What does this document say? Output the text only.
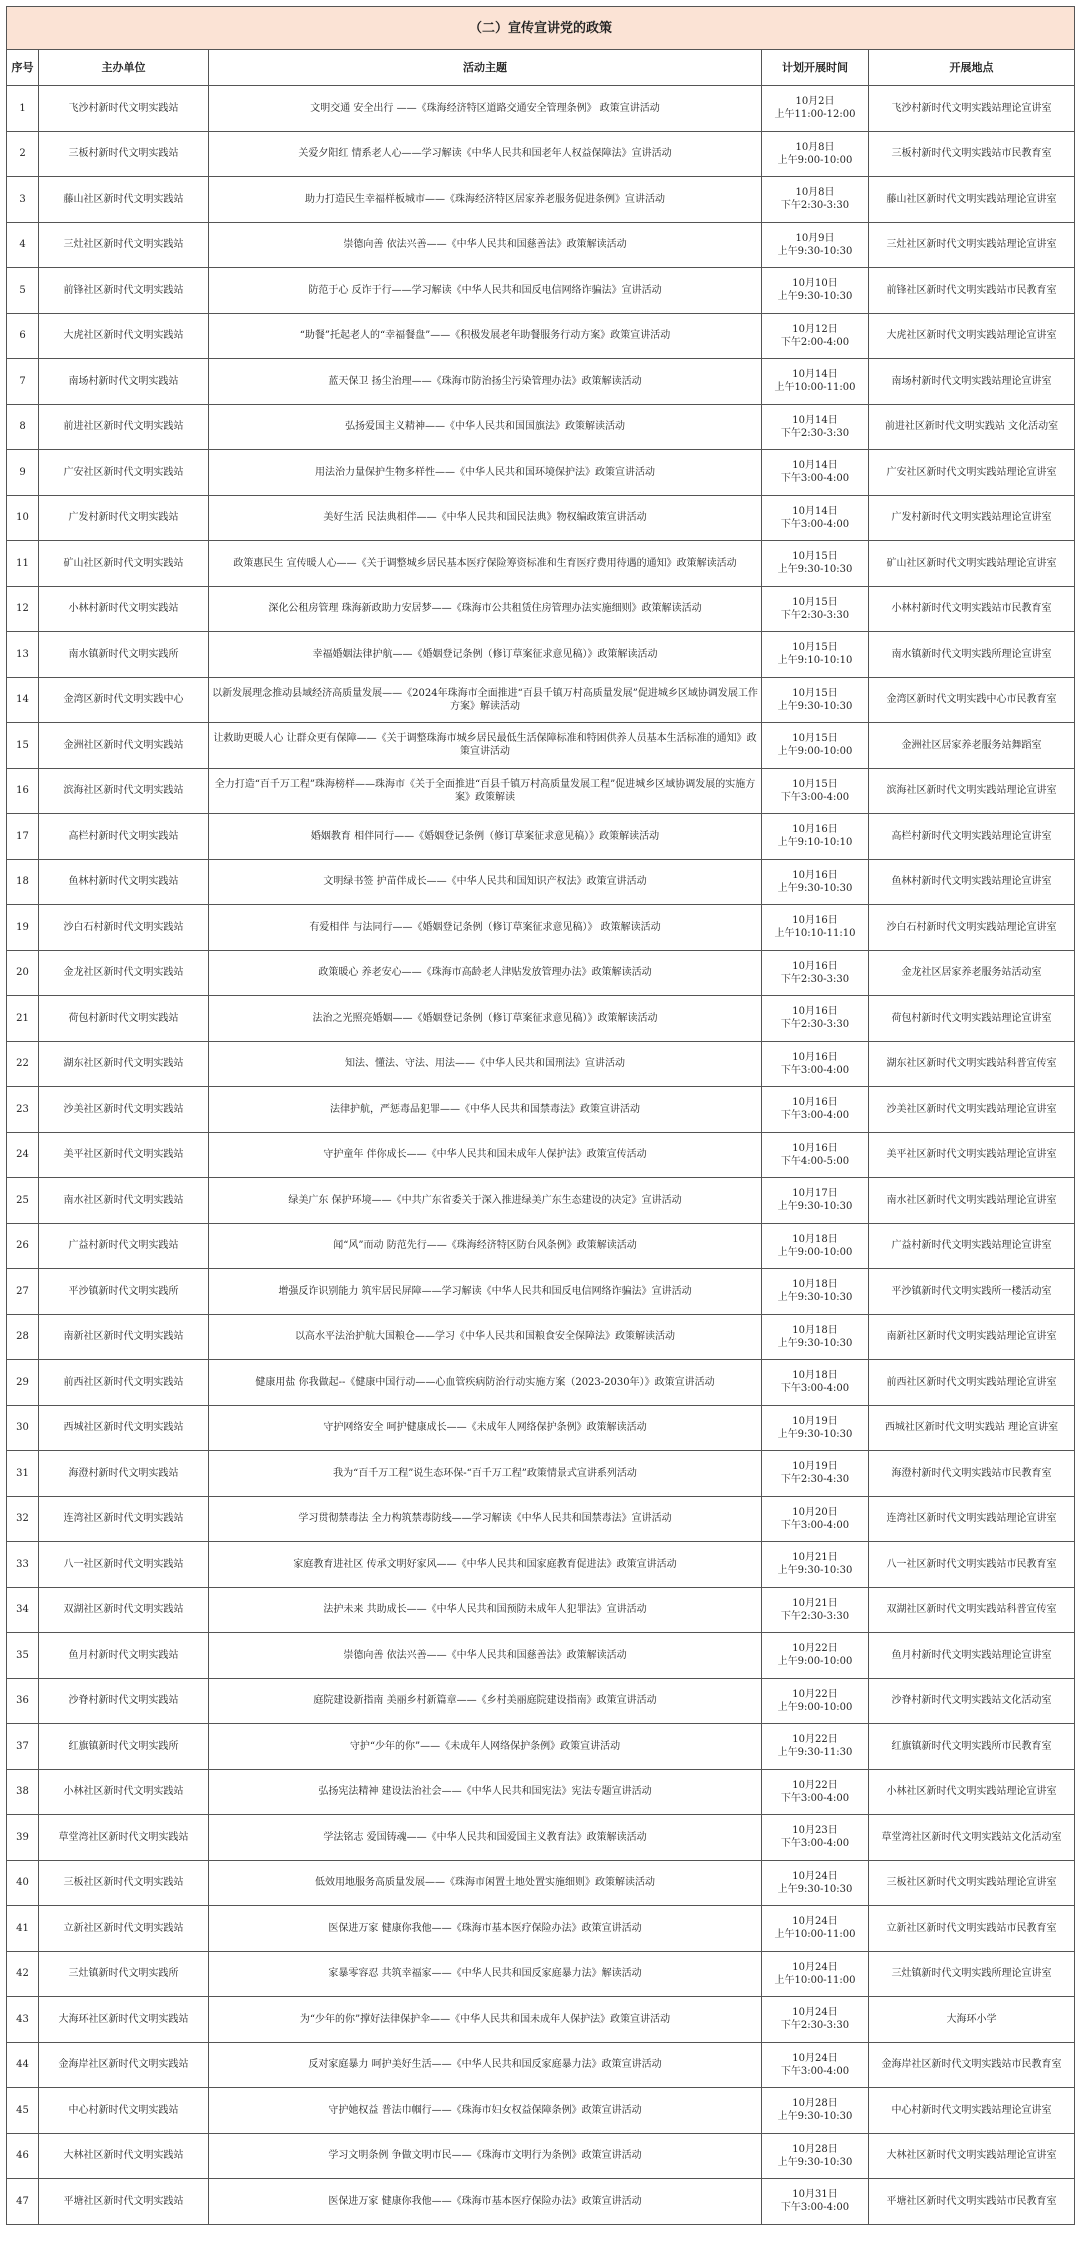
（二）宣传宣讲党的政策				
序号	主办单位	活动主题	计划开展时间	开展地点
1	飞沙村新时代文明实践站	文明交通 安全出行 ——《珠海经济特区道路交通安全管理条例》 政策宣讲活动	10月2日
上午11:00-12:00	飞沙村新时代文明实践站理论宣讲室
2	三板村新时代文明实践站	关爱夕阳红 情系老人心——学习解读《中华人民共和国老年人权益保障法》宣讲活动	10月8日
上午9:00-10:00	三板村新时代文明实践站市民教育室
3	藤山社区新时代文明实践站	助力打造民生幸福样板城市——《珠海经济特区居家养老服务促进条例》宣讲活动	10月8日
下午2:30-3:30	藤山社区新时代文明实践站理论宣讲室
4	三灶社区新时代文明实践站	崇德向善 依法兴善——《中华人民共和国慈善法》政策解读活动	10月9日
上午9:30-10:30	三灶社区新时代文明实践站理论宣讲室
5	前锋社区新时代文明实践站	防范于心 反诈于行——学习解读《中华人民共和国反电信网络诈骗法》宣讲活动	10月10日
上午9:30-10:30	前锋社区新时代文明实践站市民教育室
6	大虎社区新时代文明实践站	“助餐”托起老人的“幸福餐盘”——《积极发展老年助餐服务行动方案》政策宣讲活动	10月12日
下午2:00-4:00	大虎社区新时代文明实践站理论宣讲室
7	南场村新时代文明实践站	蓝天保卫 扬尘治理——《珠海市防治扬尘污染管理办法》政策解读活动	10月14日
上午10:00-11:00	南场村新时代文明实践站理论宣讲室
8	前进社区新时代文明实践站	弘扬爱国主义精神——《中华人民共和国国旗法》政策解读活动	10月14日
下午2:30-3:30	前进社区新时代文明实践站 文化活动室
9	广安社区新时代文明实践站	用法治力量保护生物多样性——《中华人民共和国环境保护法》政策宣讲活动	10月14日
下午3:00-4:00	广安社区新时代文明实践站理论宣讲室
10	广发村新时代文明实践站	美好生活 民法典相伴——《中华人民共和国民法典》物权编政策宣讲活动	10月14日
下午3:00-4:00	广发村新时代文明实践站理论宣讲室
11	矿山社区新时代文明实践站	政策惠民生 宣传暖人心——《关于调整城乡居民基本医疗保险筹资标准和生育医疗费用待遇的通知》政策解读活动	10月15日
上午9:30-10:30	矿山社区新时代文明实践站理论宣讲室
12	小林村新时代文明实践站	深化公租房管理 珠海新政助力安居梦——《珠海市公共租赁住房管理办法实施细则》政策解读活动	10月15日
下午2:30-3:30	小林村新时代文明实践站市民教育室
13	南水镇新时代文明实践所	幸福婚姻法律护航——《婚姻登记条例（修订草案征求意见稿）》政策解读活动	10月15日
上午9:10-10:10	南水镇新时代文明实践所理论宣讲室
14	金湾区新时代文明实践中心	以新发展理念推动县域经济高质量发展——《2024年珠海市全面推进“百县千镇万村高质量发展”促进城乡区域协调发展工作方案》解读活动	10月15日
上午9:30-10:30	金湾区新时代文明实践中心市民教育室
15	金洲社区新时代文明实践站	让救助更暖人心 让群众更有保障——《关于调整珠海市城乡居民最低生活保障标准和特困供养人员基本生活标准的通知》政策宣讲活动	10月15日
上午9:00-10:00	金洲社区居家养老服务站舞蹈室
16	滨海社区新时代文明实践站	全力打造“百千万工程”珠海榜样——珠海市《关于全面推进“百县千镇万村高质量发展工程”促进城乡区域协调发展的实施方案》政策解读	10月15日
下午3:00-4:00	滨海社区新时代文明实践站理论宣讲室
17	高栏村新时代文明实践站	婚姻教育 相伴同行——《婚姻登记条例（修订草案征求意见稿）》政策解读活动	10月16日
上午9:10-10:10	高栏村新时代文明实践站理论宣讲室
18	鱼林村新时代文明实践站	文明绿书签 护苗伴成长——《中华人民共和国知识产权法》政策宣讲活动	10月16日
上午9:30-10:30	鱼林村新时代文明实践站理论宣讲室
19	沙白石村新时代文明实践站	有爱相伴 与法同行——《婚姻登记条例（修订草案征求意见稿）》 政策解读活动	10月16日
上午10:10-11:10	沙白石村新时代文明实践站理论宣讲室
20	金龙社区新时代文明实践站	政策暖心 养老安心——《珠海市高龄老人津贴发放管理办法》政策解读活动	10月16日
下午2:30-3:30	金龙社区居家养老服务站活动室
21	荷包村新时代文明实践站	法治之光照亮婚姻——《婚姻登记条例（修订草案征求意见稿）》政策解读活动	10月16日
下午2:30-3:30	荷包村新时代文明实践站理论宣讲室
22	湖东社区新时代文明实践站	知法、懂法、守法、用法——《中华人民共和国刑法》宣讲活动	10月16日
下午3:00-4:00	湖东社区新时代文明实践站科普宣传室
23	沙美社区新时代文明实践站	法律护航，严惩毒品犯罪——《中华人民共和国禁毒法》政策宣讲活动	10月16日
下午3:00-4:00	沙美社区新时代文明实践站理论宣讲室
24	美平社区新时代文明实践站	守护童年 伴你成长——《中华人民共和国未成年人保护法》政策宣传活动	10月16日
下午4:00-5:00	美平社区新时代文明实践站理论宣讲室
25	南水社区新时代文明实践站	绿美广东 保护环境——《中共广东省委关于深入推进绿美广东生态建设的决定》宣讲活动	10月17日
上午9:30-10:30	南水社区新时代文明实践站理论宣讲室
26	广益村新时代文明实践站	闻“风”而动 防范先行——《珠海经济特区防台风条例》政策解读活动	10月18日
上午9:00-10:00	广益村新时代文明实践站理论宣讲室
27	平沙镇新时代文明实践所	增强反诈识别能力 筑牢居民屏障——学习解读《中华人民共和国反电信网络诈骗法》宣讲活动	10月18日
上午9:30-10:30	平沙镇新时代文明实践所一楼活动室
28	南新社区新时代文明实践站	以高水平法治护航大国粮仓——学习《中华人民共和国粮食安全保障法》政策解读活动	10月18日
上午9:30-10:30	南新社区新时代文明实践站理论宣讲室
29	前西社区新时代文明实践站	健康用盐 你我做起--《健康中国行动——心血管疾病防治行动实施方案（2023-2030年）》政策宣讲活动	10月18日
下午3:00-4:00	前西社区新时代文明实践站理论宣讲室
30	西城社区新时代文明实践站	守护网络安全 呵护健康成长——《未成年人网络保护条例》政策解读活动	10月19日
上午9:30-10:30	西城社区新时代文明实践站 理论宣讲室
31	海澄村新时代文明实践站	我为“百千万工程”说生态环保-“百千万工程”政策情景式宣讲系列活动	10月19日
下午2:30-4:30	海澄村新时代文明实践站市民教育室
32	连湾社区新时代文明实践站	学习贯彻禁毒法 全力构筑禁毒防线——学习解读《中华人民共和国禁毒法》宣讲活动	10月20日
下午3:00-4:00	连湾社区新时代文明实践站理论宣讲室
33	八一社区新时代文明实践站	家庭教育进社区 传承文明好家风——《中华人民共和国家庭教育促进法》政策宣讲活动	10月21日
上午9:30-10:30	八一社区新时代文明实践站市民教育室
34	双湖社区新时代文明实践站	法护未来 共助成长——《中华人民共和国预防未成年人犯罪法》宣讲活动	10月21日
下午2:30-3:30	双湖社区新时代文明实践站科普宣传室
35	鱼月村新时代文明实践站	崇德向善 依法兴善——《中华人民共和国慈善法》政策解读活动	10月22日
上午9:00-10:00	鱼月村新时代文明实践站理论宣讲室
36	沙脊村新时代文明实践站	庭院建设新指南 美丽乡村新篇章——《乡村美丽庭院建设指南》政策宣讲活动	10月22日
上午9:00-10:00	沙脊村新时代文明实践站文化活动室
37	红旗镇新时代文明实践所	守护“少年的你”——《未成年人网络保护条例》政策宣讲活动	10月22日
上午9:30-11:30	红旗镇新时代文明实践所市民教育室
38	小林社区新时代文明实践站	弘扬宪法精神 建设法治社会——《中华人民共和国宪法》宪法专题宣讲活动	10月22日
下午3:00-4:00	小林社区新时代文明实践站理论宣讲室
39	草堂湾社区新时代文明实践站	学法铭志 爱国铸魂——《中华人民共和国爱国主义教育法》政策解读活动	10月23日
下午3:00-4:00	草堂湾社区新时代文明实践站文化活动室
40	三板社区新时代文明实践站	低效用地服务高质量发展——《珠海市闲置土地处置实施细则》政策解读活动	10月24日
上午9:30-10:30	三板社区新时代文明实践站理论宣讲室
41	立新社区新时代文明实践站	医保进万家 健康你我他——《珠海市基本医疗保险办法》政策宣讲活动	10月24日
上午10:00-11:00	立新社区新时代文明实践站市民教育室
42	三灶镇新时代文明实践所	家暴零容忍 共筑幸福家——《中华人民共和国反家庭暴力法》解读活动	10月24日
上午10:00-11:00	三灶镇新时代文明实践所理论宣讲室
43	大海环社区新时代文明实践站	为“少年的你”撑好法律保护伞——《中华人民共和国未成年人保护法》政策宣讲活动	10月24日
下午2:30-3:30	大海环小学
44	金海岸社区新时代文明实践站	反对家庭暴力 呵护美好生活——《中华人民共和国反家庭暴力法》政策宣讲活动	10月24日
下午3:00-4:00	金海岸社区新时代文明实践站市民教育室
45	中心村新时代文明实践站	守护她权益 普法巾帼行——《珠海市妇女权益保障条例》政策宣讲活动	10月28日
上午9:30-10:30	中心村新时代文明实践站理论宣讲室
46	大林社区新时代文明实践站	学习文明条例 争做文明市民——《珠海市文明行为条例》政策宣讲活动	10月28日
上午9:30-10:30	大林社区新时代文明实践站理论宣讲室
47	平塘社区新时代文明实践站	医保进万家 健康你我他——《珠海市基本医疗保险办法》政策宣讲活动	10月31日
下午3:00-4:00	平塘社区新时代文明实践站市民教育室
